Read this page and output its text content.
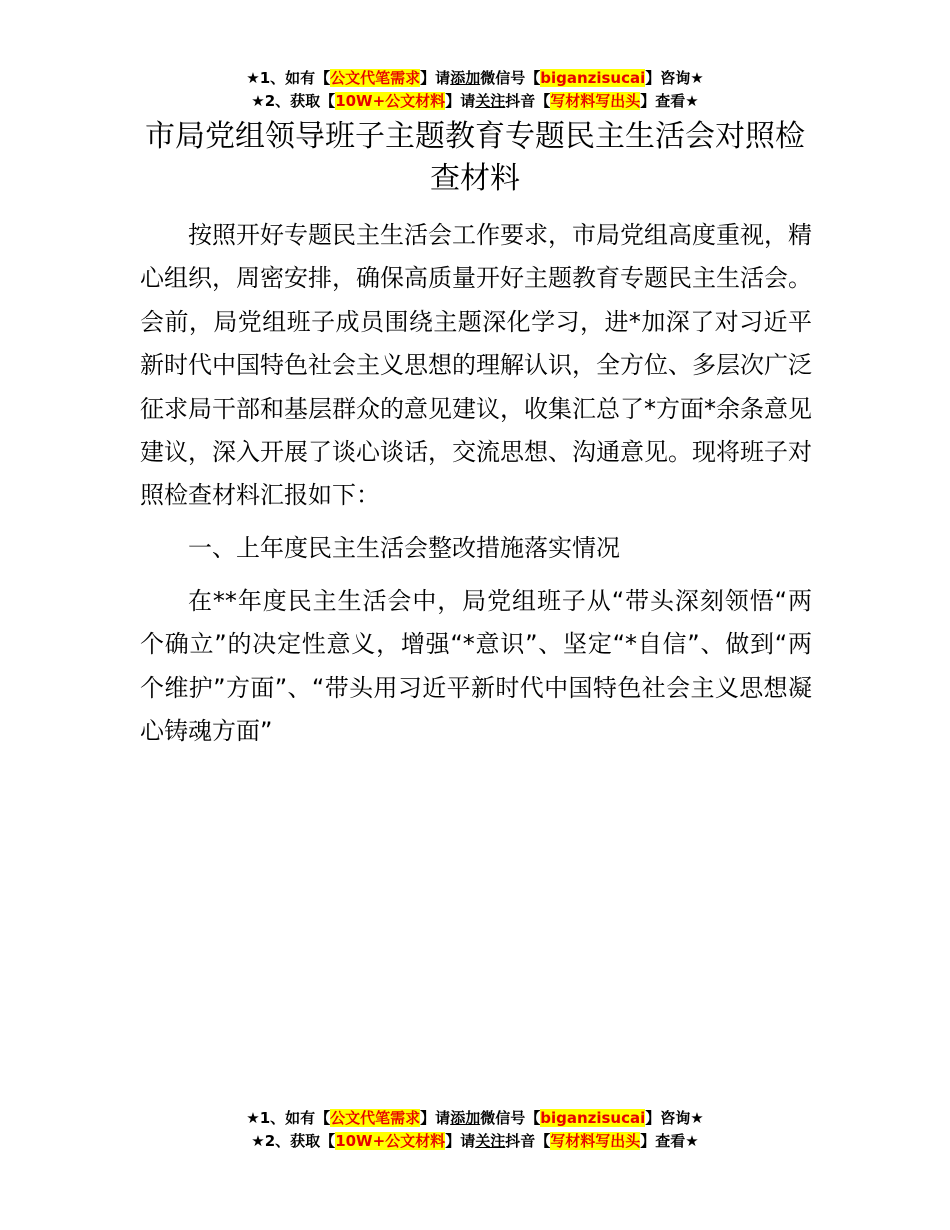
★1、如有【公文代笔需求】请添加微信号【biganzisucai】咨询★
★2、获取【10W+公文材料】请关注抖音【写材料写出头】查看★
市局党组领导班子主题教育专题民主生活会对照检查材料

按照开好专题民主生活会工作要求，市局党组高度重视，精心组织，周密安排，确保高质量开好主题教育专题民主生活会。会前，局党组班子成员围绕主题深化学习，进*加深了对习近平新时代中国特色社会主义思想的理解认识，全方位、多层次广泛征求局干部和基层群众的意见建议，收集汇总了*方面*余条意见建议，深入开展了谈心谈话，交流思想、沟通意见。现将班子对照检查材料汇报如下：

一、上年度民主生活会整改措施落实情况

在**年度民主生活会中，局党组班子从“带头深刻领悟“两个确立”的决定性意义，增强“*意识”、坚定“*自信”、做到“两个维护”方面”、“带头用习近平新时代中国特色社会主义思想凝心铸魂方面”

★1、如有【公文代笔需求】请添加微信号【biganzisucai】咨询★
★2、获取【10W+公文材料】请关注抖音【写材料写出头】查看★
